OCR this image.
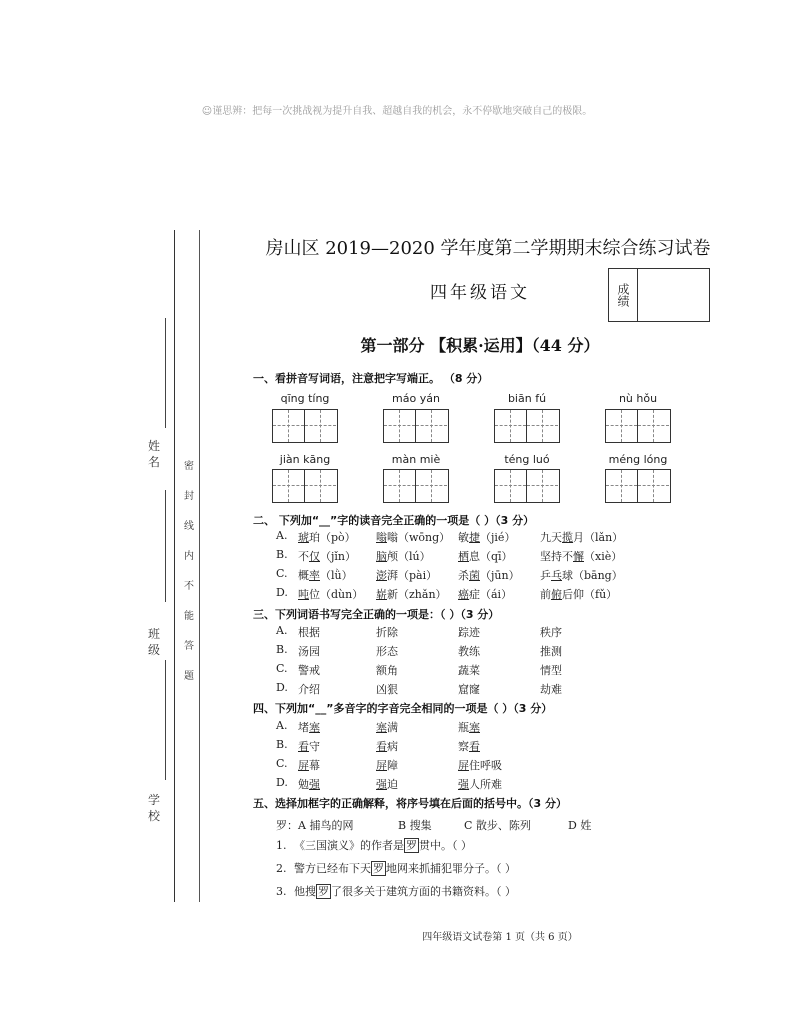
☺谨思辨：把每一次挑战视为提升自我、超越自我的机会，永不停歇地突破自己的极限。
姓名
班级
学校
密
封
线
内
不
能
答
题
房山区 2019—2020 学年度第二学期期末综合练习试卷
四年级语文	成绩
第一部分 【积累·运用】（44 分）
一、看拼音写词语，注意把字写端正。 （8 分）
qīng tíng	máo yán	biān fú	nù hǒu
jiàn kāng	màn miè	téng luó	méng lóng
二、 下列加“__”字的读音完全正确的一项是（ ）（3 分）
A. 琥珀（pò） 嗡嗡（wōng） 敏捷（jié） 九天揽月（lǎn）
B. 不仅（jǐn） 脑颅（lú） 栖息（qī） 坚持不懈（xiè）
C. 概率（lǜ） 澎湃（pài） 杀菌（jūn） 乒乓球（bāng）
D. 吨位（dùn） 崭新（zhǎn） 癌症（ái）	前俯后仰（fǔ）
三、下列词语书写完全正确的一项是：（ ）（3 分）
A. 根据	折除	踪迹	秩序
B. 汤园	形态	教练	推测
C. 警戒	额角	蔬菜	情型
D. 介绍	凶狠	窟窿	劫难
四、下列加“__”多音字的字音完全相同的一项是（ ）（3 分）
A. 堵塞	塞满	瓶塞
B. 看守	看病	察看
C. 屏幕	屏障	屏住呼吸
D. 勉强	强迫	强人所难
五、选择加框字的正确解释，将序号填在后面的括号中。（3 分）
罗：A 捕鸟的网	B 搜集	C 散步、陈列	D 姓
1. 《三国演义》的作者是 罗 贯中。（ ）
2. 警方已经布下天 罗 地网来抓捕犯罪分子。（ ）
3. 他搜 罗 了很多关于建筑方面的书籍资料。（ ）
四年级语文试卷第 1 页（共 6 页）
